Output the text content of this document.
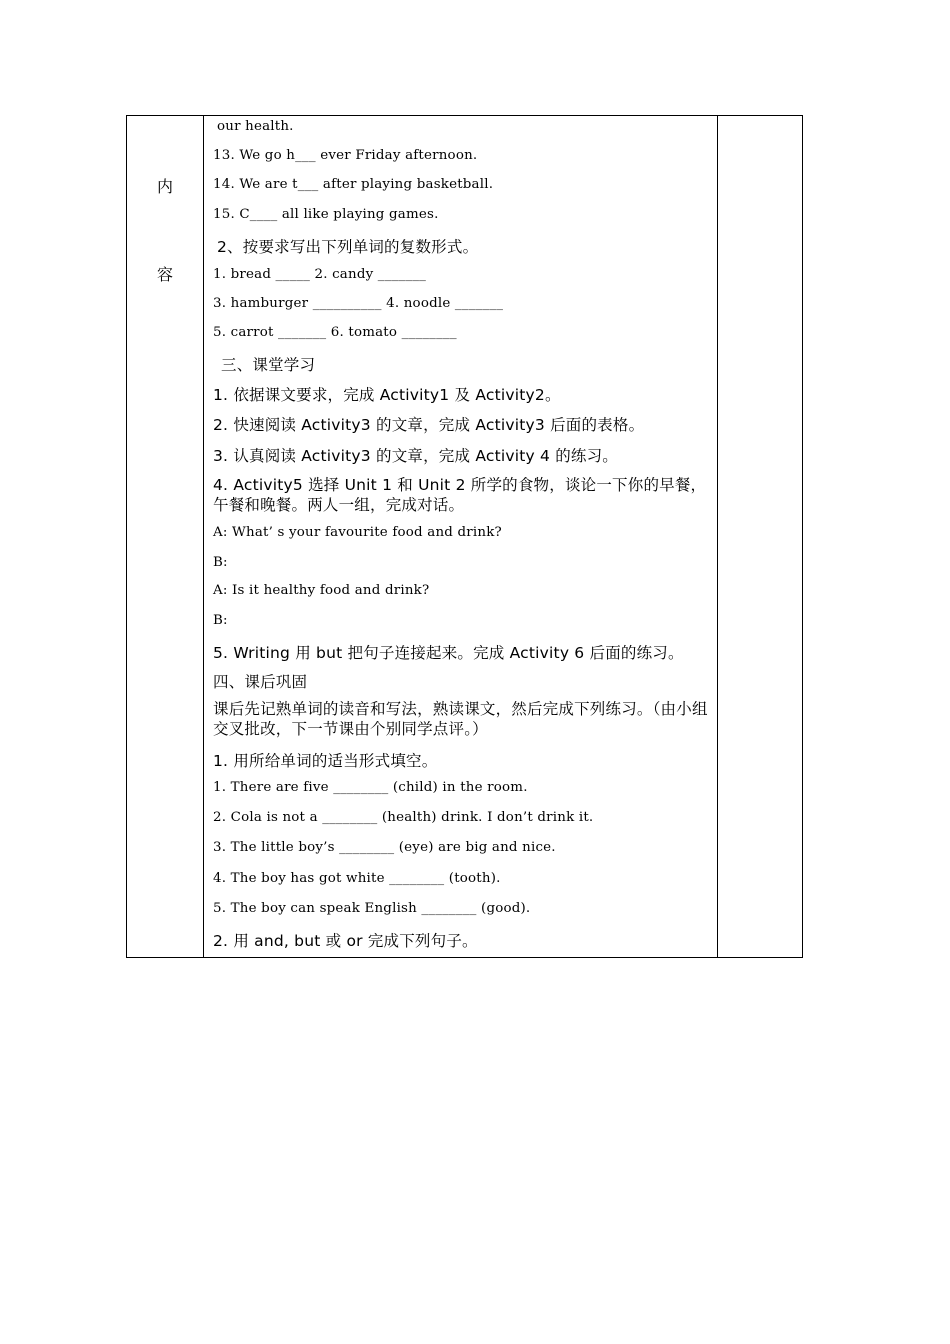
内
容

our health.
13. We go h___ ever Friday afternoon.
14. We are t___ after playing basketball.
15. C____ all like playing games.
2、按要求写出下列单词的复数形式。
1. bread _____ 2. candy _______
3. hamburger __________ 4. noodle _______
5. carrot _______ 6. tomato ________
三、课堂学习
1. 依据课文要求，完成 Activity1 及 Activity2。
2. 快速阅读 Activity3 的文章，完成 Activity3 后面的表格。
3. 认真阅读 Activity3 的文章，完成 Activity 4 的练习。
4. Activity5 选择 Unit 1 和 Unit 2 所学的食物，谈论一下你的早餐，午餐和晚餐。两人一组，完成对话。
A: What’ s your favourite food and drink?
B:
A: Is it healthy food and drink?
B:
5. Writing 用 but 把句子连接起来。完成 Activity 6 后面的练习。
四、课后巩固
课后先记熟单词的读音和写法，熟读课文，然后完成下列练习。（由小组交叉批改，下一节课由个别同学点评。）
1. 用所给单词的适当形式填空。
1. There are five ________ (child) in the room.
2. Cola is not a ________ (health) drink. I don’t drink it.
3. The little boy’s ________ (eye) are big and nice.
4. The boy has got white ________ (tooth).
5. The boy can speak English ________ (good).
2. 用 and, but 或 or 完成下列句子。
